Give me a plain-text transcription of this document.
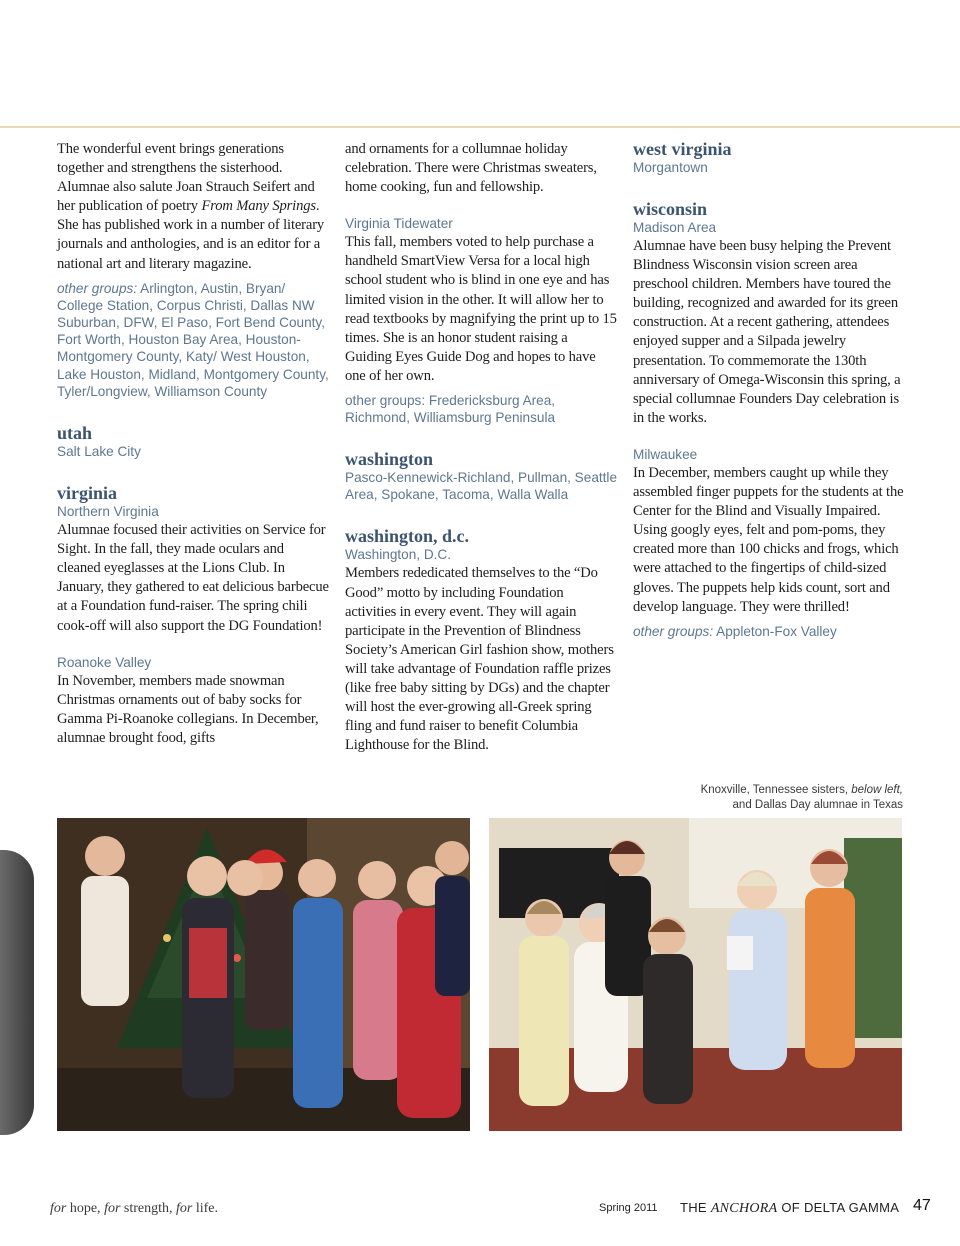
The wonderful event brings generations together and strengthens the sisterhood. Alumnae also salute Joan Strauch Seifert and her publication of poetry From Many Springs. She has published work in a number of literary journals and anthologies, and is an editor for a national art and literary magazine.

other groups: Arlington, Austin, Bryan/ College Station, Corpus Christi, Dallas NW Suburban, DFW, El Paso, Fort Bend County, Fort Worth, Houston Bay Area, Houston-Montgomery County, Katy/ West Houston, Lake Houston, Midland, Montgomery County, Tyler/Longview, Williamson County

utah
Salt Lake City
virginia
Northern Virginia

Alumnae focused their activities on Service for Sight. In the fall, they made oculars and cleaned eyeglasses at the Lions Club. In January, they gathered to eat delicious barbecue at a Foundation fund-raiser. The spring chili cook-off will also support the DG Foundation!

Roanoke Valley

In November, members made snowman Christmas ornaments out of baby socks for Gamma Pi-Roanoke collegians. In December, alumnae brought food, gifts

and ornaments for a collumnae holiday celebration. There were Christmas sweaters, home cooking, fun and fellowship.

Virginia Tidewater

This fall, members voted to help purchase a handheld SmartView Versa for a local high school student who is blind in one eye and has limited vision in the other. It will allow her to read textbooks by magnifying the print up to 15 times. She is an honor student raising a Guiding Eyes Guide Dog and hopes to have one of her own.

other groups: Fredericksburg Area, Richmond, Williamsburg Peninsula

washington
Pasco-Kennewick-Richland, Pullman, Seattle Area, Spokane, Tacoma, Walla Walla
washington, d.c.
Washington, D.C.

Members rededicated themselves to the “Do Good” motto by including Foundation activities in every event. They will again participate in the Prevention of Blindness Society’s American Girl fashion show, mothers will take advantage of Foundation raffle prizes (like free baby sitting by DGs) and the chapter will host the ever-growing all-Greek spring fling and fund raiser to benefit Columbia Lighthouse for the Blind.

west virginia
Morgantown
wisconsin
Madison Area

Alumnae have been busy helping the Prevent Blindness Wisconsin vision screen area preschool children. Members have toured the building, recognized and awarded for its green construction. At a recent gathering, attendees enjoyed supper and a Silpada jewelry presentation. To commemorate the 130th anniversary of Omega-Wisconsin this spring, a special collumnae Founders Day celebration is in the works.

Milwaukee

In December, members caught up while they assembled finger puppets for the students at the Center for the Blind and Visually Impaired. Using googly eyes, felt and pom-poms, they created more than 100 chicks and frogs, which were attached to the fingertips of child-sized gloves. The puppets help kids count, sort and develop language. They were thrilled!

other groups: Appleton-Fox Valley

Knoxville, Tennessee sisters, below left,
and Dallas Day alumnae in Texas
for hope, for strength, for life.	Spring 2011 THE ANCHORA OF DELTA GAMMA 47
